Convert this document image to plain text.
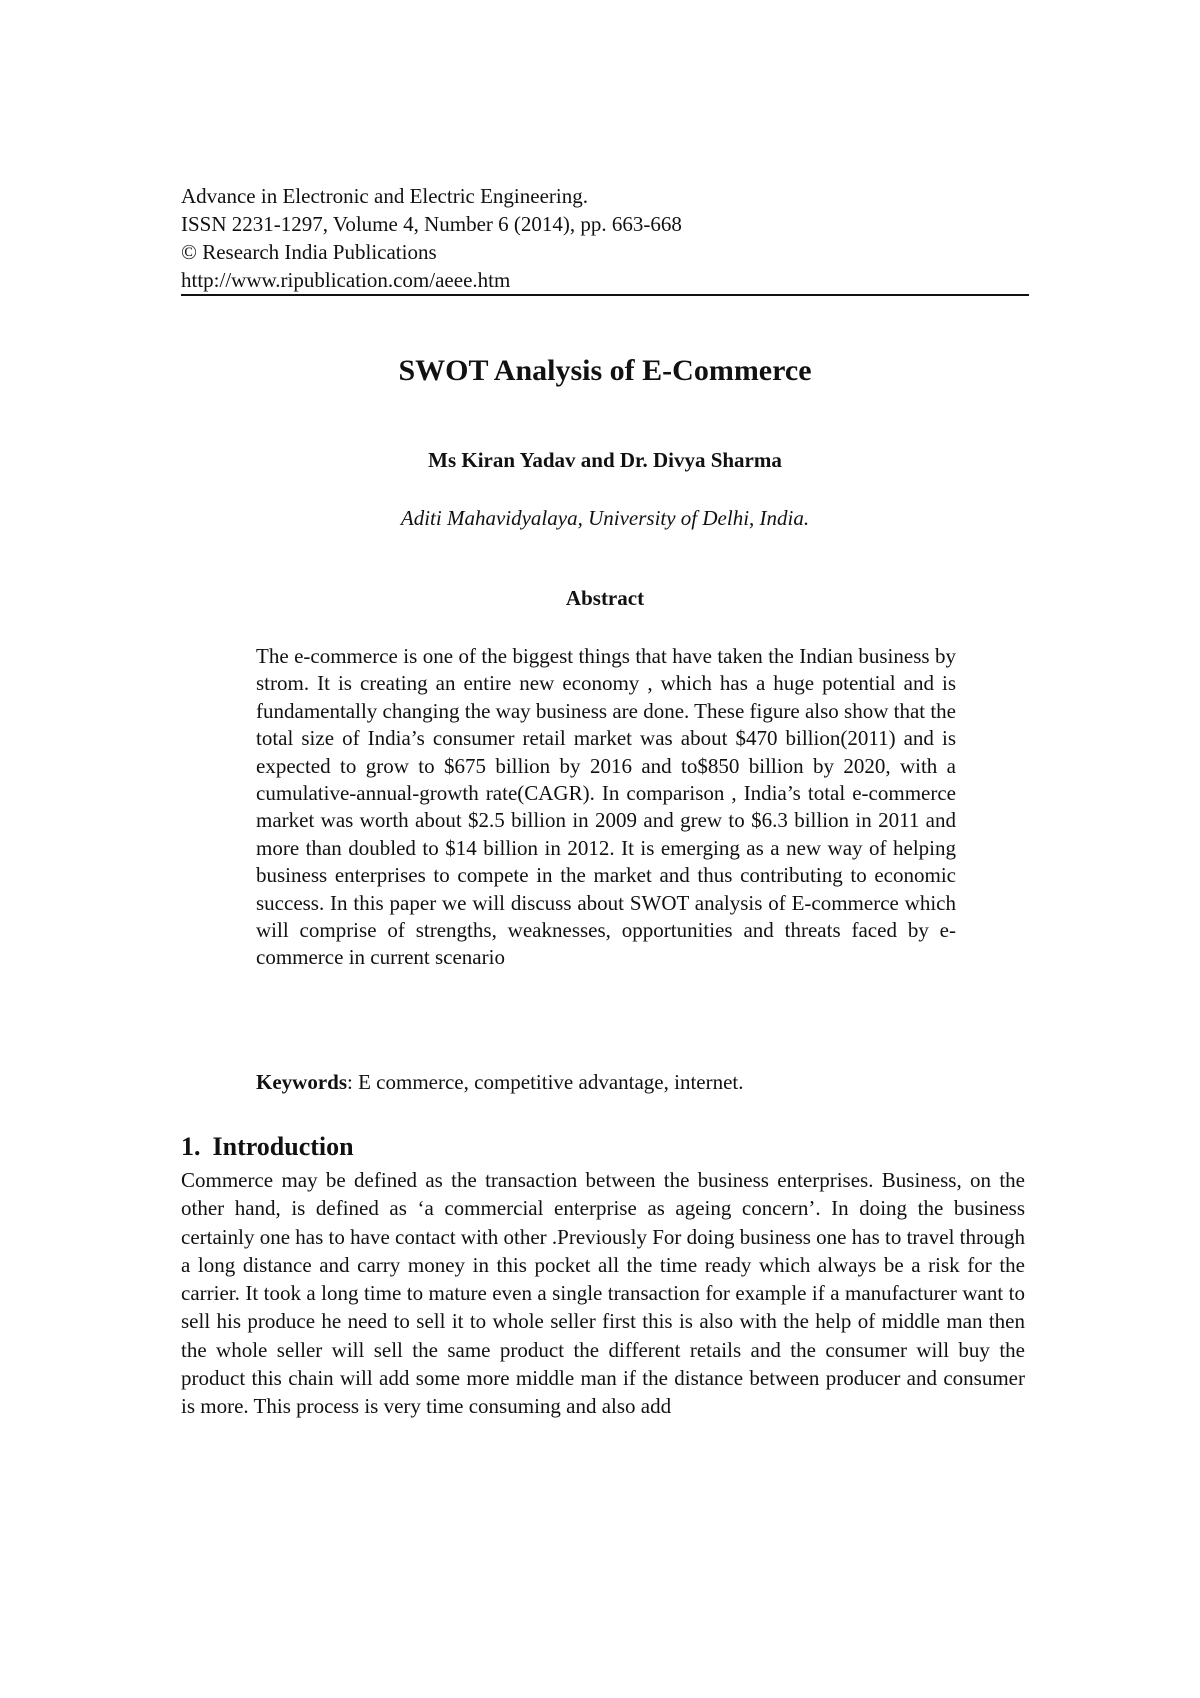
Advance in Electronic and Electric Engineering.
ISSN 2231-1297, Volume 4, Number 6 (2014), pp. 663-668
© Research India Publications
http://www.ripublication.com/aeee.htm
SWOT Analysis of E-Commerce
Ms Kiran Yadav and Dr. Divya Sharma
Aditi Mahavidyalaya, University of Delhi, India.
Abstract
The e-commerce is one of the biggest things that have taken the Indian business by strom. It is creating an entire new economy , which has a huge potential and is fundamentally changing the way business are done. These figure also show that the total size of India’s consumer retail market was about $470 billion(2011) and is expected to grow to $675 billion by 2016 and to$850 billion by 2020, with a cumulative-annual-growth rate(CAGR). In comparison , India’s total e-commerce market was worth about $2.5 billion in 2009 and grew to $6.3 billion in 2011 and more than doubled to $14 billion in 2012. It is emerging as a new way of helping business enterprises to compete in the market and thus contributing to economic success. In this paper we will discuss about SWOT analysis of E-commerce which will comprise of strengths, weaknesses, opportunities and threats faced by e-commerce in current scenario
Keywords: E commerce, competitive advantage, internet.
1. Introduction
Commerce may be defined as the transaction between the business enterprises. Business, on the other hand, is defined as ‘a commercial enterprise as ageing concern’. In doing the business certainly one has to have contact with other .Previously For doing business one has to travel through a long distance and carry money in this pocket all the time ready which always be a risk for the carrier. It took a long time to mature even a single transaction for example if a manufacturer want to sell his produce he need to sell it to whole seller first this is also with the help of middle man then the whole seller will sell the same product the different retails and the consumer will buy the product this chain will add some more middle man if the distance between producer and consumer is more. This process is very time consuming and also add
